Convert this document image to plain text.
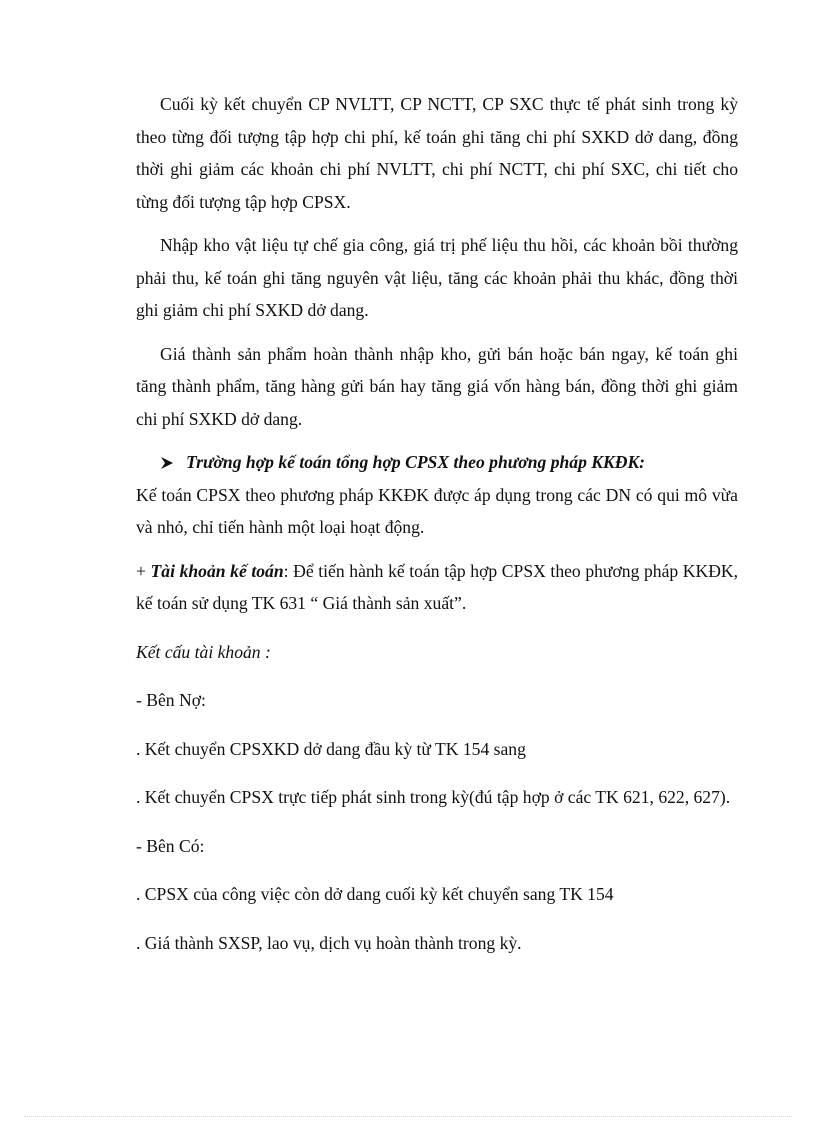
Cuối kỳ kết chuyển CP NVLTT, CP NCTT, CP SXC thực tế phát sinh trong kỳ theo từng đối tượng tập hợp chi phí, kế toán ghi tăng chi phí SXKD dở dang, đồng thời ghi giảm các khoản chi phí NVLTT, chi phí NCTT, chi phí SXC, chi tiết cho từng đối tượng tập hợp CPSX.

Nhập kho vật liệu tự chế gia công, giá trị phế liệu thu hồi, các khoản bồi thường phải thu, kế toán ghi tăng nguyên vật liệu, tăng các khoản phải thu khác, đồng thời ghi giảm chi phí SXKD dở dang.

Giá thành sản phẩm hoàn thành nhập kho, gửi bán hoặc bán ngay, kế toán ghi tăng thành phẩm, tăng hàng gửi bán hay tăng giá vốn hàng bán, đồng thời ghi giảm chi phí SXKD dở dang.

Trường hợp kế toán tổng hợp CPSX theo phương pháp KKĐK:

Kế toán CPSX theo phương pháp KKĐK được áp dụng trong các DN có qui mô vừa và nhỏ, chỉ tiến hành một loại hoạt động.

+ Tài khoản kế toán: Để tiến hành kế toán tập hợp CPSX theo phương pháp KKĐK, kế toán sử dụng TK 631 “ Giá thành sản xuất”.

Kết cấu tài khoản :

- Bên Nợ:

. Kết chuyển CPSXKD dở dang đầu kỳ từ TK 154 sang

. Kết chuyển CPSX trực tiếp phát sinh trong kỳ(đú tập hợp ở các TK 621, 622, 627).

- Bên Có:

. CPSX của công việc còn dở dang cuối kỳ kết chuyển sang TK 154

. Giá thành SXSP, lao vụ, dịch vụ hoàn thành trong kỳ.
